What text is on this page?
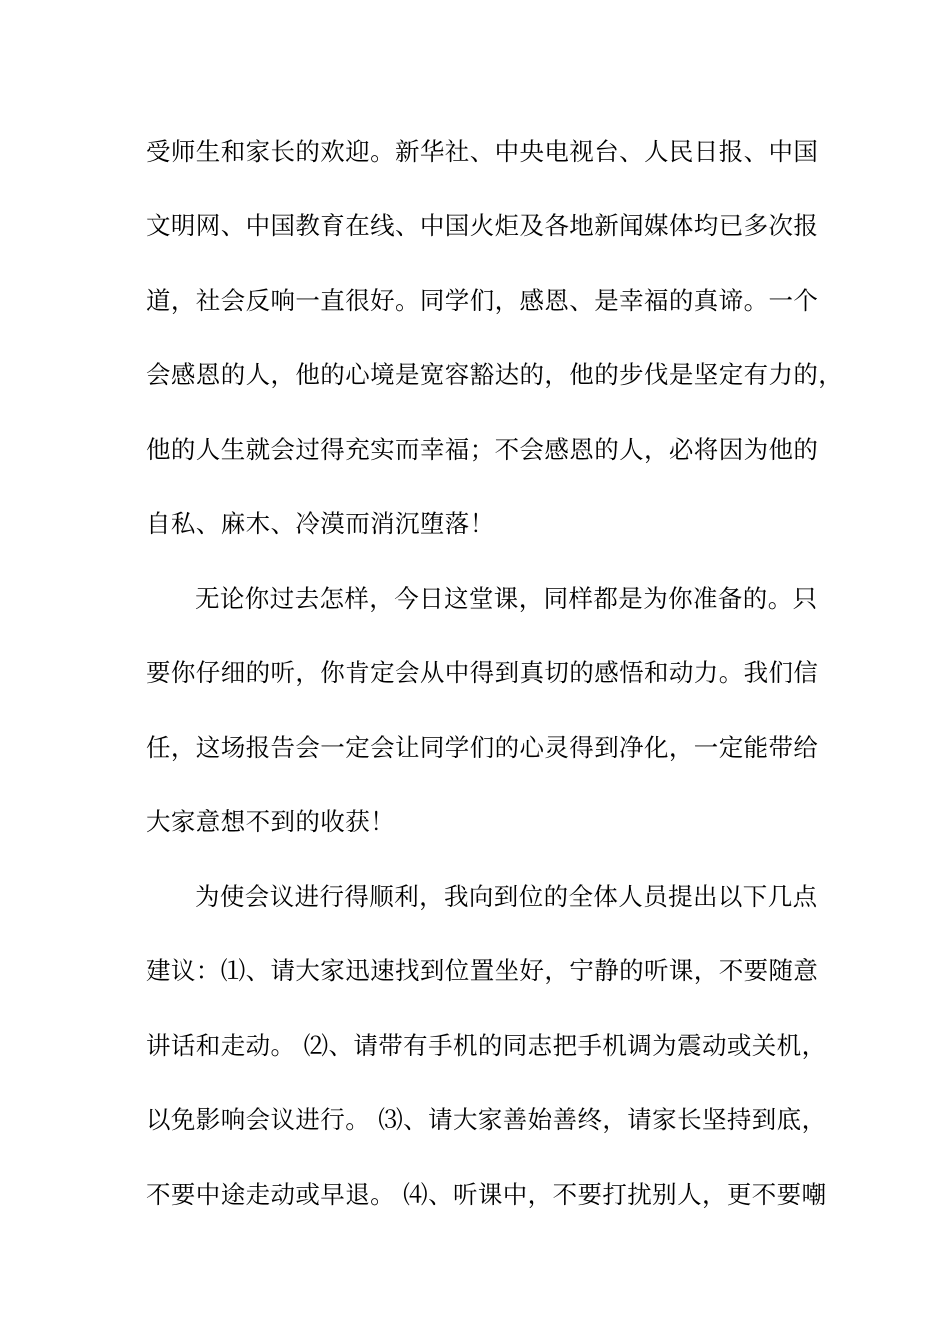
受师生和家长的欢迎。新华社、中央电视台、人民日报、中国
文明网、中国教育在线、中国火炬及各地新闻媒体均已多次报
道，社会反响一直很好。同学们，感恩、是幸福的真谛。一个
会感恩的人，他的心境是宽容豁达的，他的步伐是坚定有力的，
他的人生就会过得充实而幸福；不会感恩的人，必将因为他的
自私、麻木、冷漠而消沉堕落！
无论你过去怎样，今日这堂课，同样都是为你准备的。只
要你仔细的听，你肯定会从中得到真切的感悟和动力。我们信
任，这场报告会一定会让同学们的心灵得到净化，一定能带给
大家意想不到的收获！
为使会议进行得顺利，我向到位的全体人员提出以下几点
建议：⑴、请大家迅速找到位置坐好，宁静的听课，不要随意
讲话和走动。 ⑵、请带有手机的同志把手机调为震动或关机，
以免影响会议进行。 ⑶、请大家善始善终，请家长坚持到底，
不要中途走动或早退。 ⑷、听课中，不要打扰别人，更不要嘲
